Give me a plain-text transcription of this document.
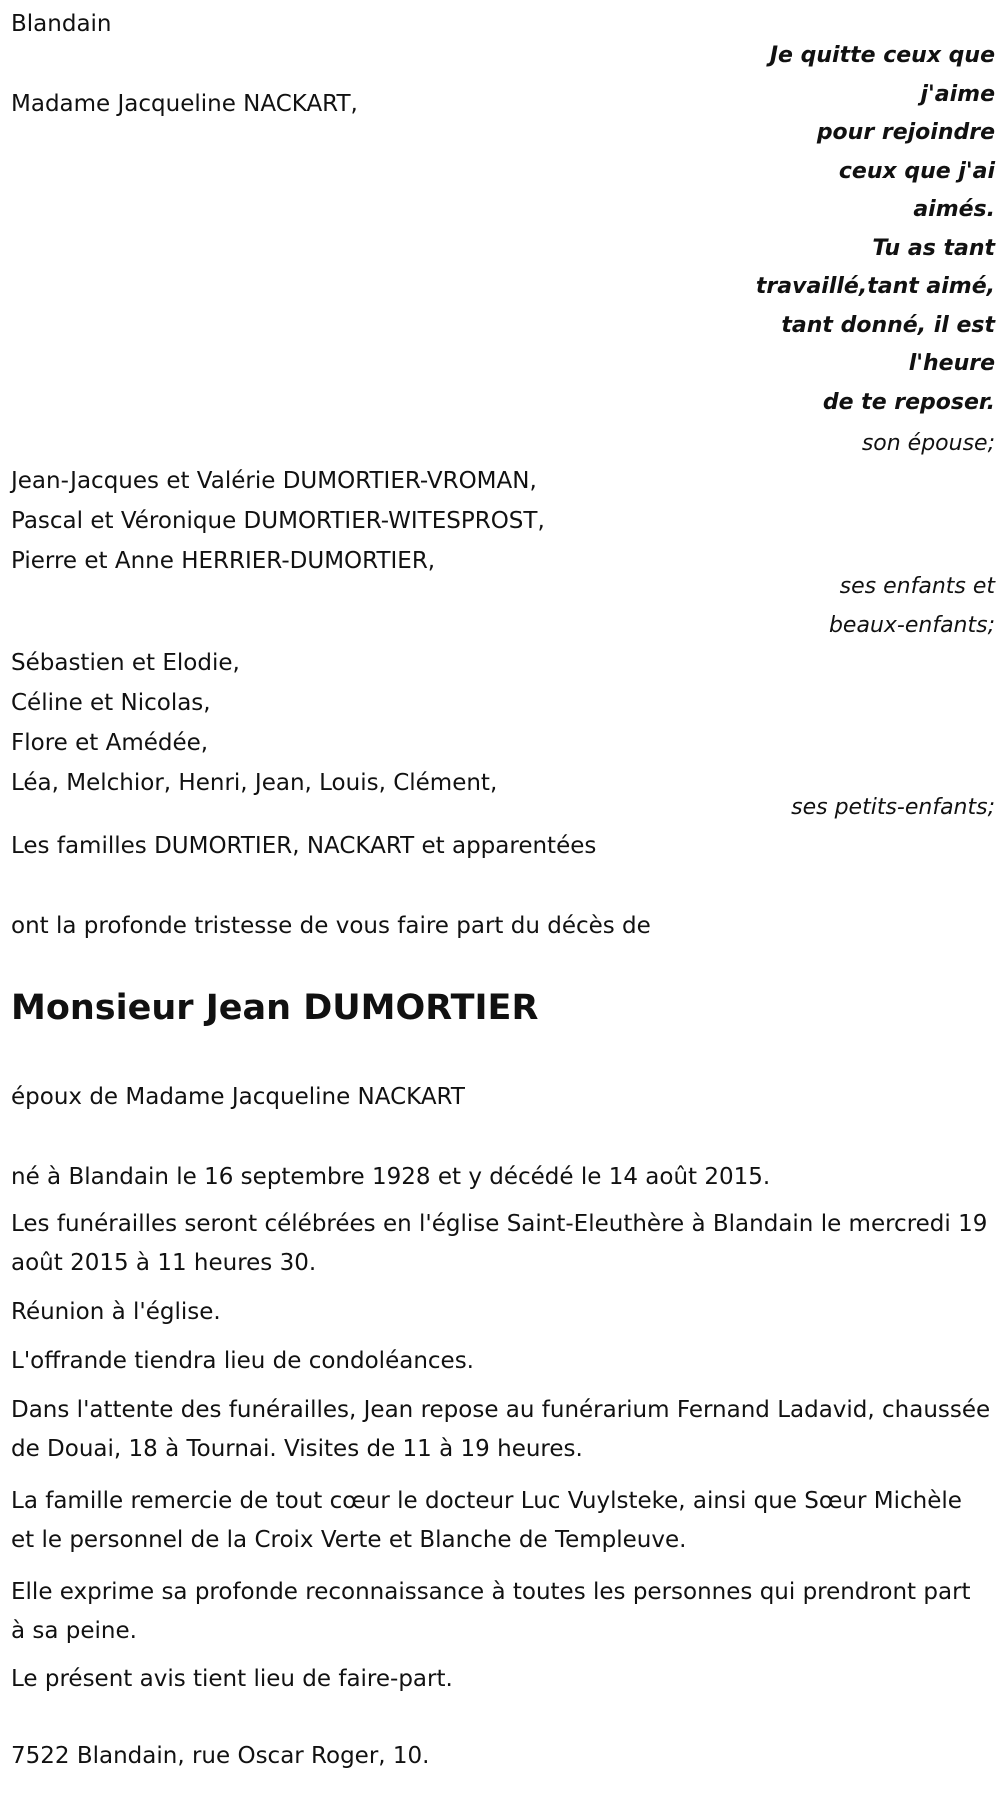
Blandain

Madame Jacqueline NACKART,

Je quitte ceux que
j'aime
pour rejoindre
ceux que j'ai
aimés.
Tu as tant
travaillé,tant aimé,
tant donné, il est
l'heure
de te reposer.
son épouse;

Jean-Jacques et Valérie DUMORTIER-VROMAN,

Pascal et Véronique DUMORTIER-WITESPROST,

Pierre et Anne HERRIER-DUMORTIER,

ses enfants et
beaux-enfants;

Sébastien et Elodie,

Céline et Nicolas,

Flore et Amédée,

Léa, Melchior, Henri, Jean, Louis, Clément,

ses petits-enfants;

Les familles DUMORTIER, NACKART et apparentées

ont la profonde tristesse de vous faire part du décès de

Monsieur Jean DUMORTIER

époux de Madame Jacqueline NACKART

né à Blandain le 16 septembre 1928 et y décédé le 14 août 2015.

Les funérailles seront célébrées en l'église Saint-Eleuthère à Blandain le mercredi 19 août 2015 à 11 heures 30.

Réunion à l'église.

L'offrande tiendra lieu de condoléances.

Dans l'attente des funérailles, Jean repose au funérarium Fernand Ladavid, chaussée de Douai, 18 à Tournai. Visites de 11 à 19 heures.

La famille remercie de tout cœur le docteur Luc Vuylsteke, ainsi que Sœur Michèle et le personnel de la Croix Verte et Blanche de Templeuve.

Elle exprime sa profonde reconnaissance à toutes les personnes qui prendront part à sa peine.

Le présent avis tient lieu de faire-part.

7522 Blandain, rue Oscar Roger, 10.
